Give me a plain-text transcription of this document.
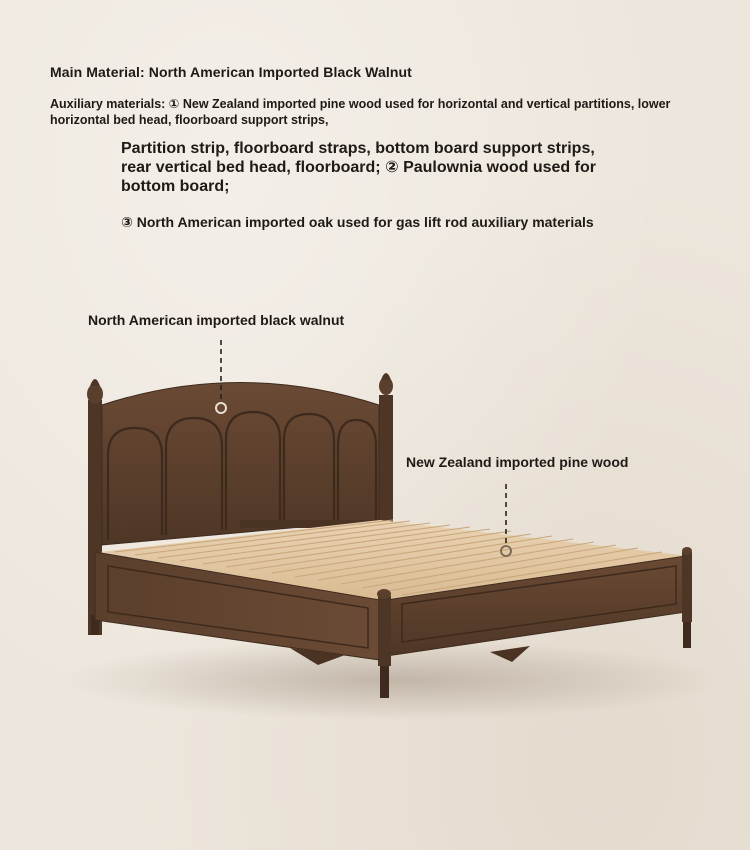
Main Material: North American Imported Black Walnut
Auxiliary materials: ① New Zealand imported pine wood used for horizontal and vertical partitions, lower horizontal bed head, floorboard support strips,
Partition strip, floorboard straps, bottom board support strips, rear vertical bed head, floorboard; ② Paulownia wood used for bottom board;
③ North American imported oak used for gas lift rod auxiliary materials
North American imported black walnut
New Zealand imported pine wood
